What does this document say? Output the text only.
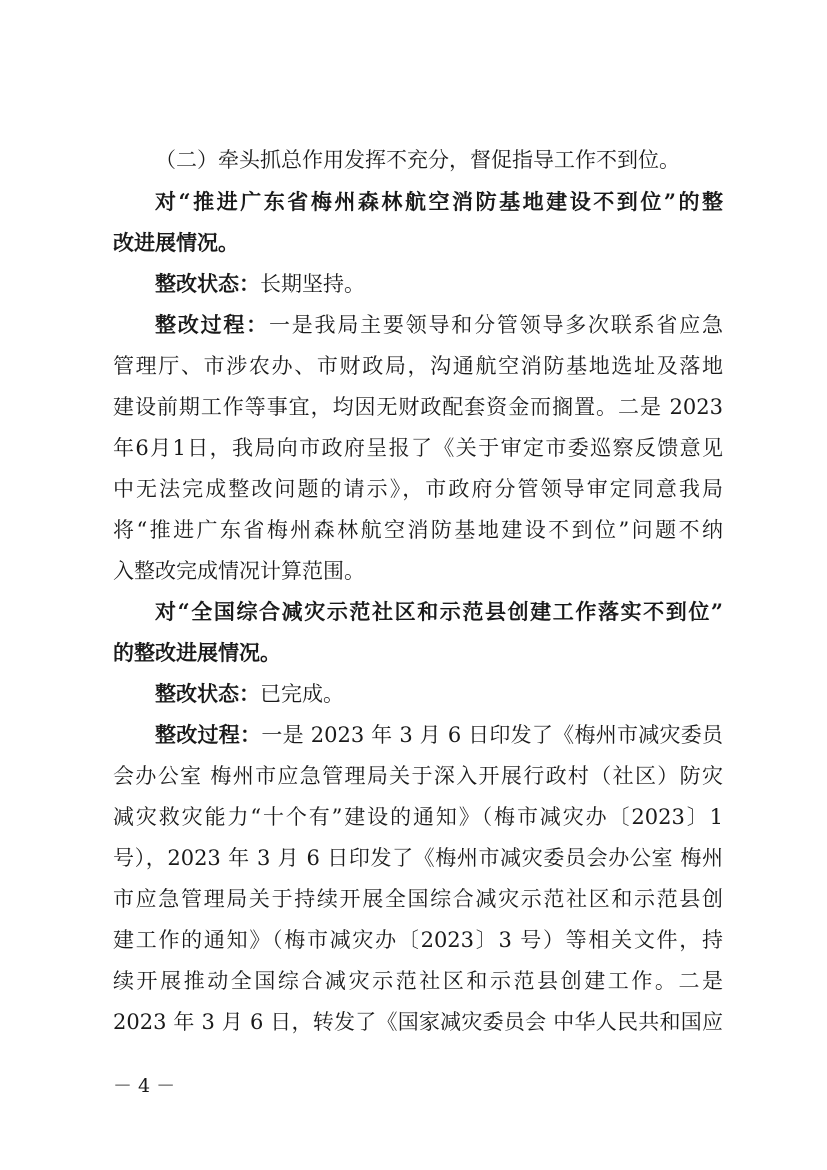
（二）牵头抓总作用发挥不充分，督促指导工作不到位。
对“推进广东省梅州森林航空消防基地建设不到位”的整
改进展情况。
整改状态：长期坚持。
整改过程：一是我局主要领导和分管领导多次联系省应急
管理厅、市涉农办、市财政局，沟通航空消防基地选址及落地
建设前期工作等事宜，均因无财政配套资金而搁置。二是 2023
年6月1日，我局向市政府呈报了《关于审定市委巡察反馈意见
中无法完成整改问题的请示》，市政府分管领导审定同意我局
将“推进广东省梅州森林航空消防基地建设不到位”问题不纳
入整改完成情况计算范围。
对“全国综合减灾示范社区和示范县创建工作落实不到位”
的整改进展情况。
整改状态：已完成。
整改过程：一是 2023 年 3 月 6 日印发了《梅州市减灾委员
会办公室 梅州市应急管理局关于深入开展行政村（社区）防灾
减灾救灾能力“十个有”建设的通知》（梅市减灾办〔2023〕1
号），2023 年 3 月 6 日印发了《梅州市减灾委员会办公室 梅州
市应急管理局关于持续开展全国综合减灾示范社区和示范县创
建工作的通知》（梅市减灾办〔2023〕3 号）等相关文件，持
续开展推动全国综合减灾示范社区和示范县创建工作。二是
2023 年 3 月 6 日，转发了《国家减灾委员会 中华人民共和国应
－ 4 －
